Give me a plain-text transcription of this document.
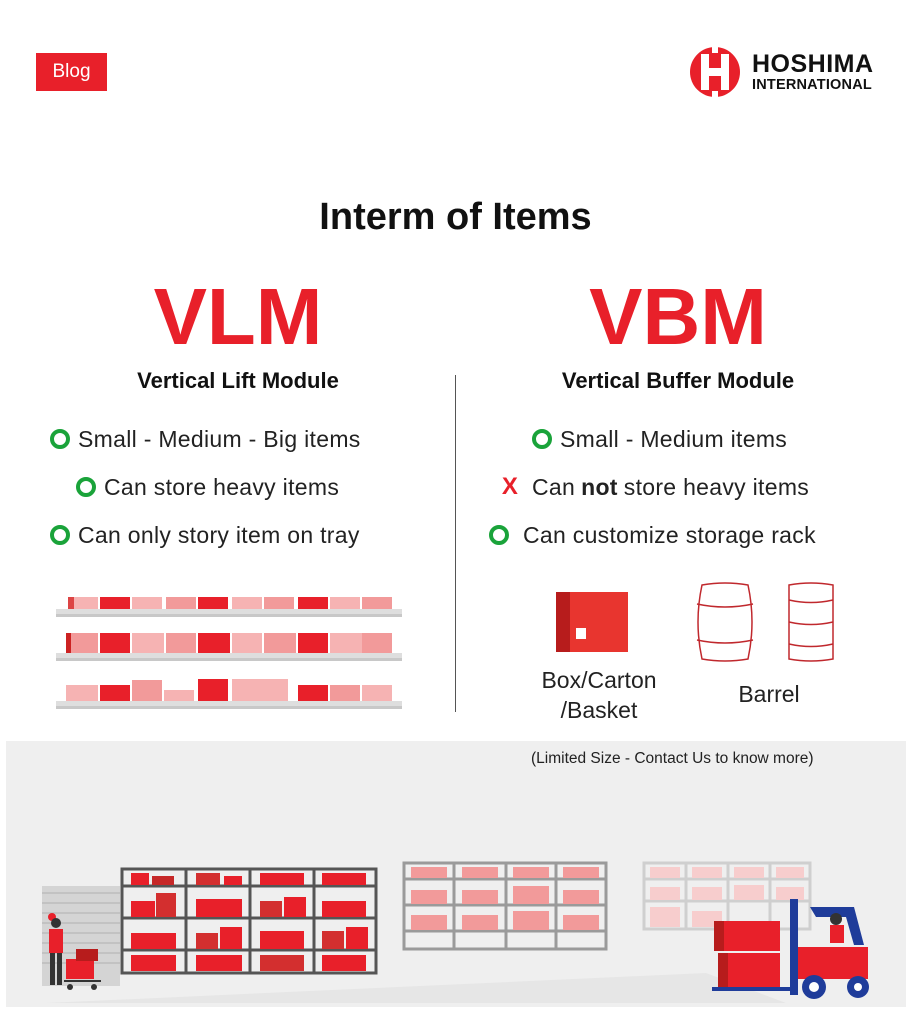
Blog	HOSHIMA
INTERNATIONAL
Interm of Items
VLM	VBM
Vertical Lift Module	Vertical Buffer Module
Small - Medium - Big items
Can store heavy items
Can only story item on tray
Small - Medium items
X Can not store heavy items
Can customize storage rack
Box/Carton
/Basket
Barrel
(Limited Size - Contact Us to know more)
